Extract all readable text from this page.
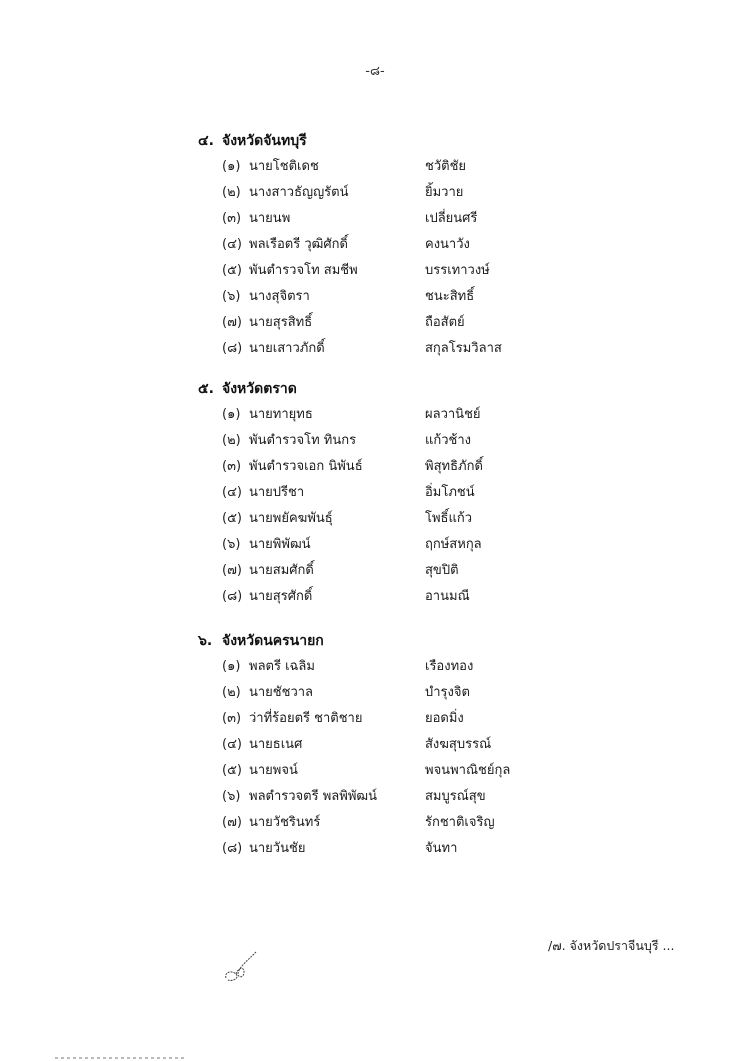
-๘-
๔. จังหวัดจันทบุรี
(๑) นายโชติเดช	ชวัติชัย
(๒) นางสาวธัญญรัตน์	ยิ้มวาย
(๓) นายนพ	เปลี่ยนศรี
(๔) พลเรือตรี วุฒิศักดิ์	คงนาวัง
(๕) พันตำรวจโท สมชีพ	บรรเทาวงษ์
(๖) นางสุจิตรา	ชนะสิทธิ์
(๗) นายสุรสิทธิ์	ถือสัตย์
(๘) นายเสาวภักดิ์	สกุลโรมวิลาส
๕. จังหวัดตราด
(๑) นายทายุทธ	ผลวานิชย์
(๒) พันตำรวจโท ทินกร	แก้วช้าง
(๓) พันตำรวจเอก นิพันธ์	พิสุทธิภักดิ์
(๔) นายปรีชา	อิ่มโภชน์
(๕) นายพยัคฆพันธุ์	โพธิ์แก้ว
(๖) นายพิพัฒน์	ฤกษ์สหกุล
(๗) นายสมศักดิ์	สุขปิติ
(๘) นายสุรศักดิ์	อานมณี
๖. จังหวัดนครนายก
(๑) พลตรี เฉลิม	เรืองทอง
(๒) นายชัชวาล	บำรุงจิต
(๓) ว่าที่ร้อยตรี ชาติชาย	ยอดมิ่ง
(๔) นายธเนศ	สังฆสุบรรณ์
(๕) นายพจน์	พจนพาณิชย์กุล
(๖) พลตำรวจตรี พลพิพัฒน์	สมบูรณ์สุข
(๗) นายวัชรินทร์	รักชาติเจริญ
(๘) นายวันชัย	จันทา
/๗. จังหวัดปราจีนบุรี ...
